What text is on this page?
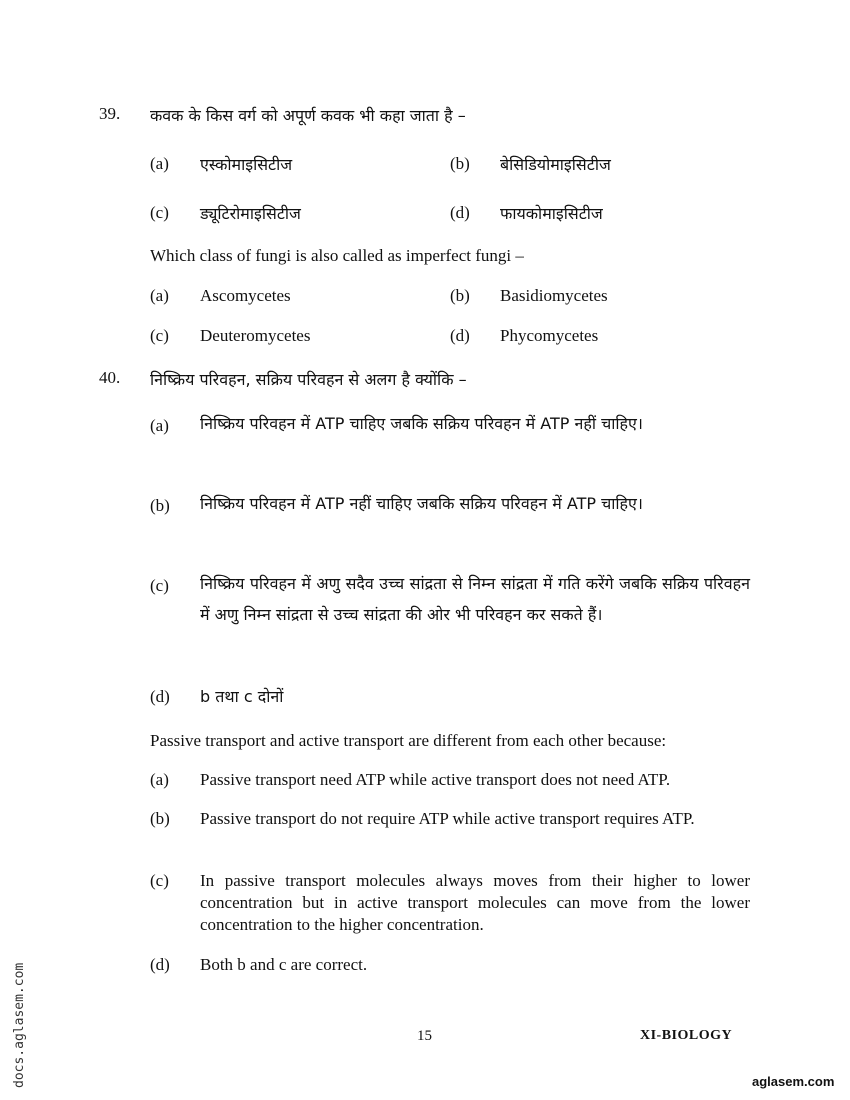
39. कवक के किस वर्ग को अपूर्ण कवक भी कहा जाता है –
(a) एस्कोमाइसिटीज	(b) बेसिडियोमाइसिटीज
(c) ड्यूटिरोमाइसिटीज	(d) फायकोमाइसिटीज
Which class of fungi is also called as imperfect fungi –
(a) Ascomycetes	(b) Basidiomycetes
(c) Deuteromycetes	(d) Phycomycetes
40. निष्क्रिय परिवहन, सक्रिय परिवहन से अलग है क्योंकि –
(a) निष्क्रिय परिवहन में ATP चाहिए जबकि सक्रिय परिवहन में ATP नहीं चाहिए।
(b) निष्क्रिय परिवहन में ATP नहीं चाहिए जबकि सक्रिय परिवहन में ATP चाहिए।
(c) निष्क्रिय परिवहन में अणु सदैव उच्च सांद्रता से निम्न सांद्रता में गति करेंगे जबकि सक्रिय परिवहन में अणु निम्न सांद्रता से उच्च सांद्रता की ओर भी परिवहन कर सकते हैं।
(d) b तथा c दोनों
Passive transport and active transport are different from each other because:
(a) Passive transport need ATP while active transport does not need ATP.
(b) Passive transport do not require ATP while active transport requires ATP.
(c) In passive transport molecules always moves from their higher to lower concentration but in active transport molecules can move from the lower concentration to the higher concentration.
(d) Both b and c are correct.
15	XI-BIOLOGY
docs.aglasem.com	aglasem.com
